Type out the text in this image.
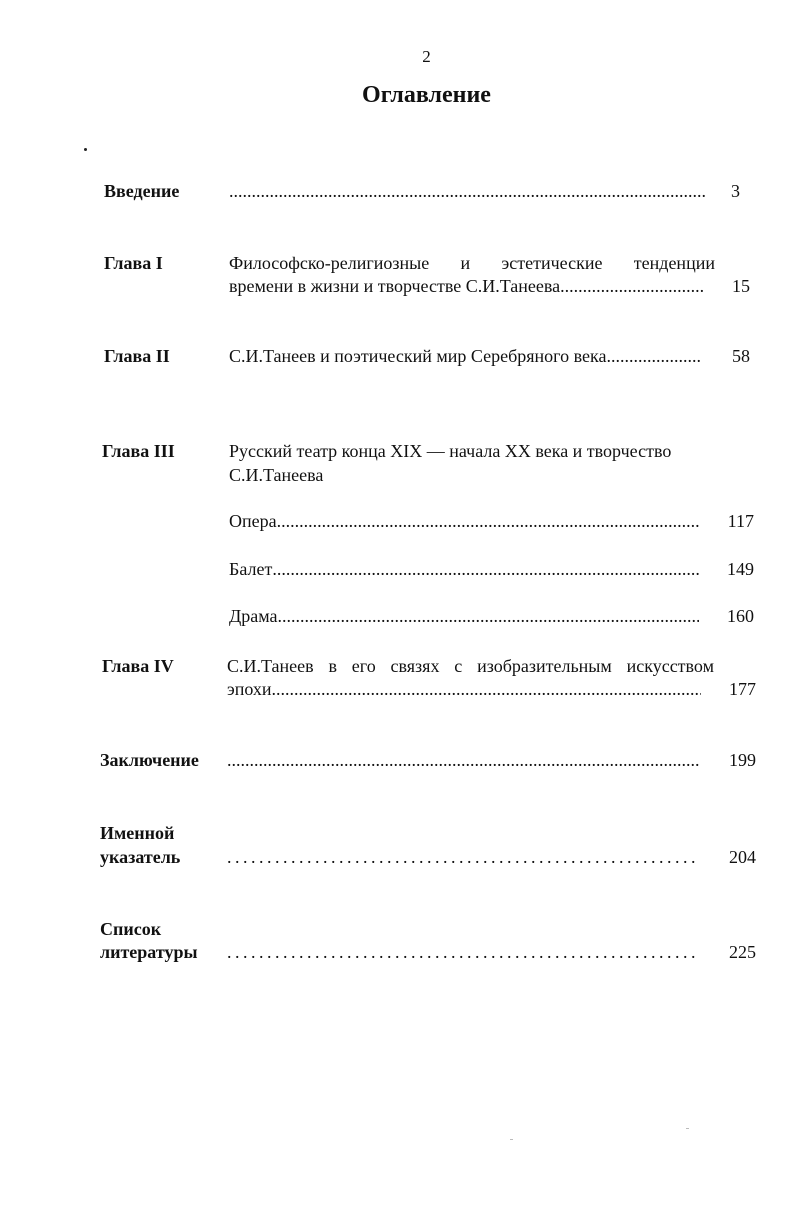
2
Оглавление
Введение .....	3
Глава I	Философско-религиозные и эстетические тенденции
времени в жизни и творчестве С.И.Танеева .....	15
Глава II	С.И.Танеев и поэтический мир Серебряного века .....	58
Глава III	Русский театр конца XIX — начала XX века и творчество
С.И.Танеева
Опера .....	117
Балет .....	149
Драма .....	160
Глава IV	С.И.Танеев в его связях с изобразительным искусством
эпохи .....	177
Заключение .....	199
Именной
указатель . . .	204
Список
литературы . . .	225
